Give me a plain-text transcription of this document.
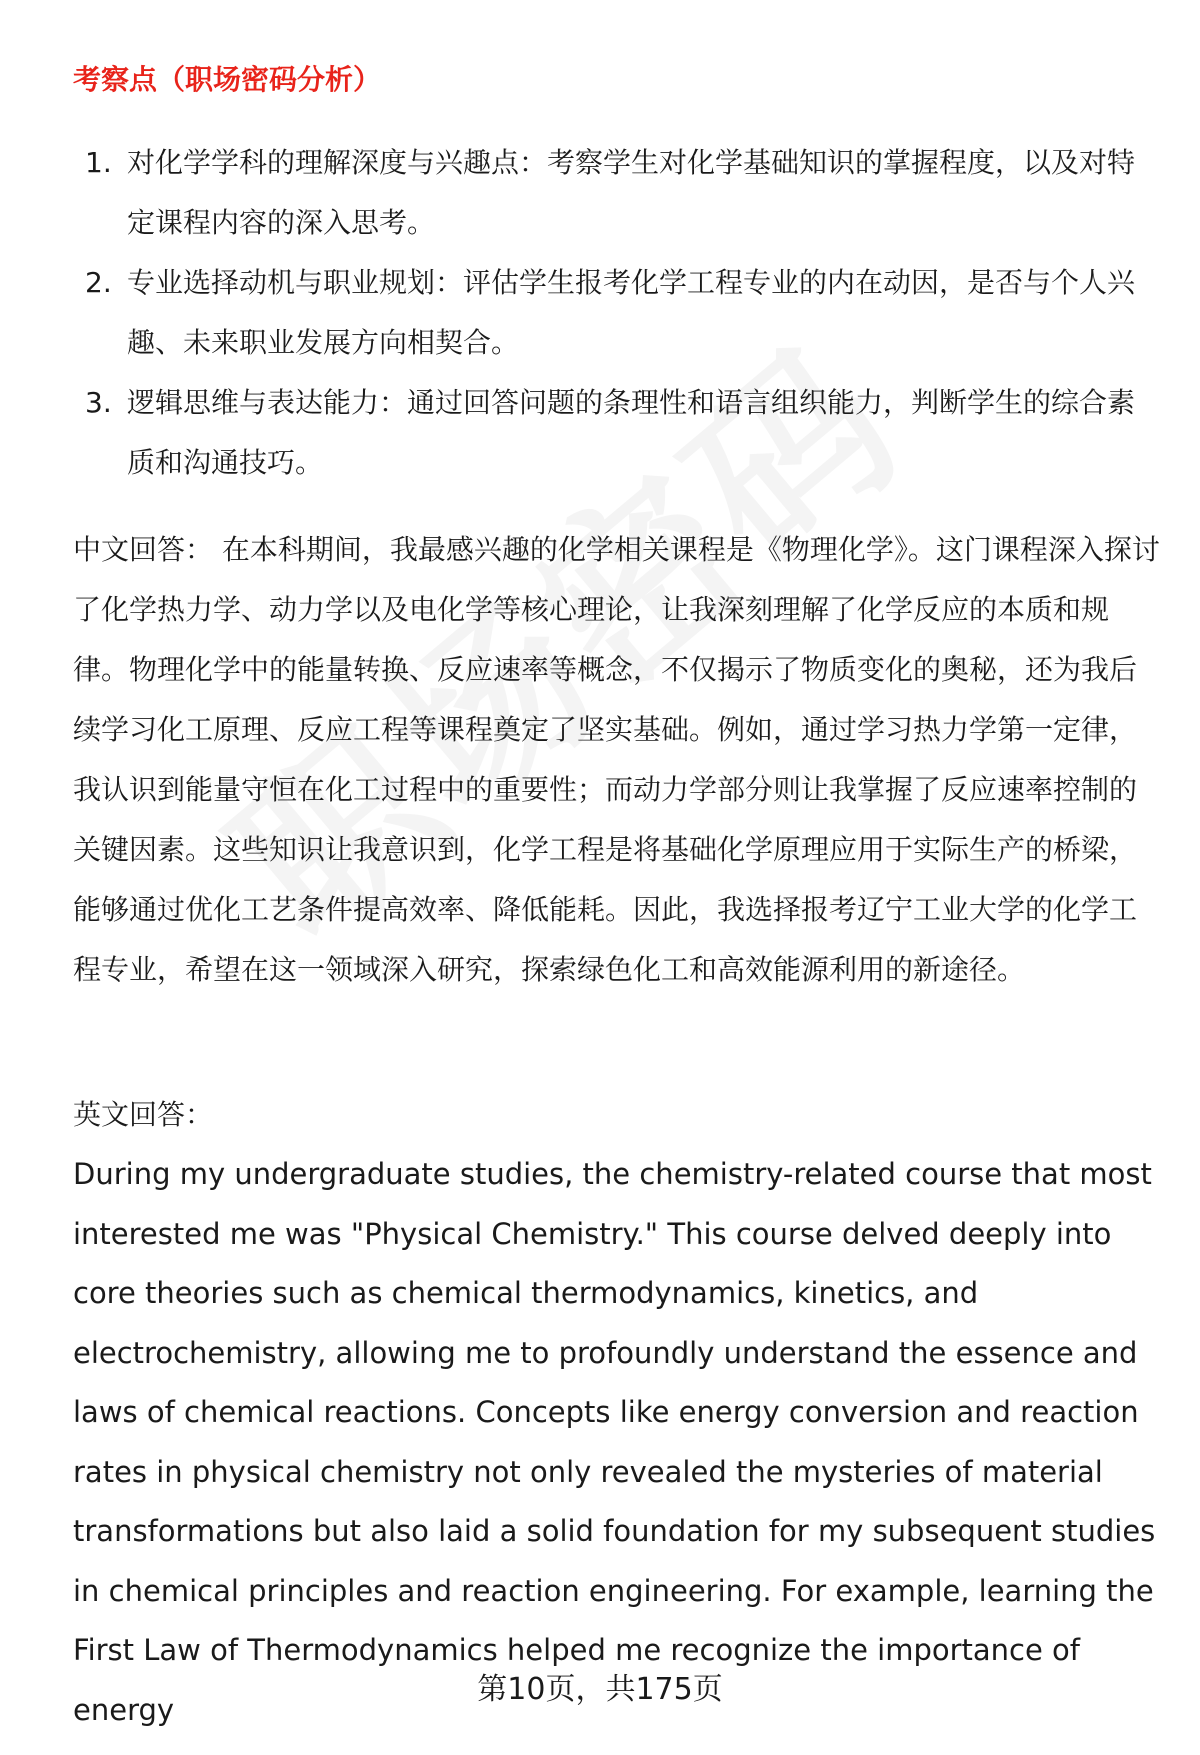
考察点（职场密码分析）
1. 对化学学科的理解深度与兴趣点：考察学生对化学基础知识的掌握程度，以及对特定课程内容的深入思考。
2. 专业选择动机与职业规划：评估学生报考化学工程专业的内在动因，是否与个人兴趣、未来职业发展方向相契合。
3. 逻辑思维与表达能力：通过回答问题的条理性和语言组织能力，判断学生的综合素质和沟通技巧。
中文回答： 在本科期间，我最感兴趣的化学相关课程是《物理化学》。这门课程深入探讨了化学热力学、动力学以及电化学等核心理论，让我深刻理解了化学反应的本质和规律。物理化学中的能量转换、反应速率等概念，不仅揭示了物质变化的奥秘，还为我后续学习化工原理、反应工程等课程奠定了坚实基础。例如，通过学习热力学第一定律，我认识到能量守恒在化工过程中的重要性；而动力学部分则让我掌握了反应速率控制的关键因素。这些知识让我意识到，化学工程是将基础化学原理应用于实际生产的桥梁，能够通过优化工艺条件提高效率、降低能耗。因此，我选择报考辽宁工业大学的化学工程专业，希望在这一领域深入研究，探索绿色化工和高效能源利用的新途径。
英文回答：
During my undergraduate studies, the chemistry-related course that most interested me was "Physical Chemistry." This course delved deeply into core theories such as chemical thermodynamics, kinetics, and electrochemistry, allowing me to profoundly understand the essence and laws of chemical reactions. Concepts like energy conversion and reaction rates in physical chemistry not only revealed the mysteries of material transformations but also laid a solid foundation for my subsequent studies in chemical principles and reaction engineering. For example, learning the First Law of Thermodynamics helped me recognize the importance of energy
第10页，共175页
